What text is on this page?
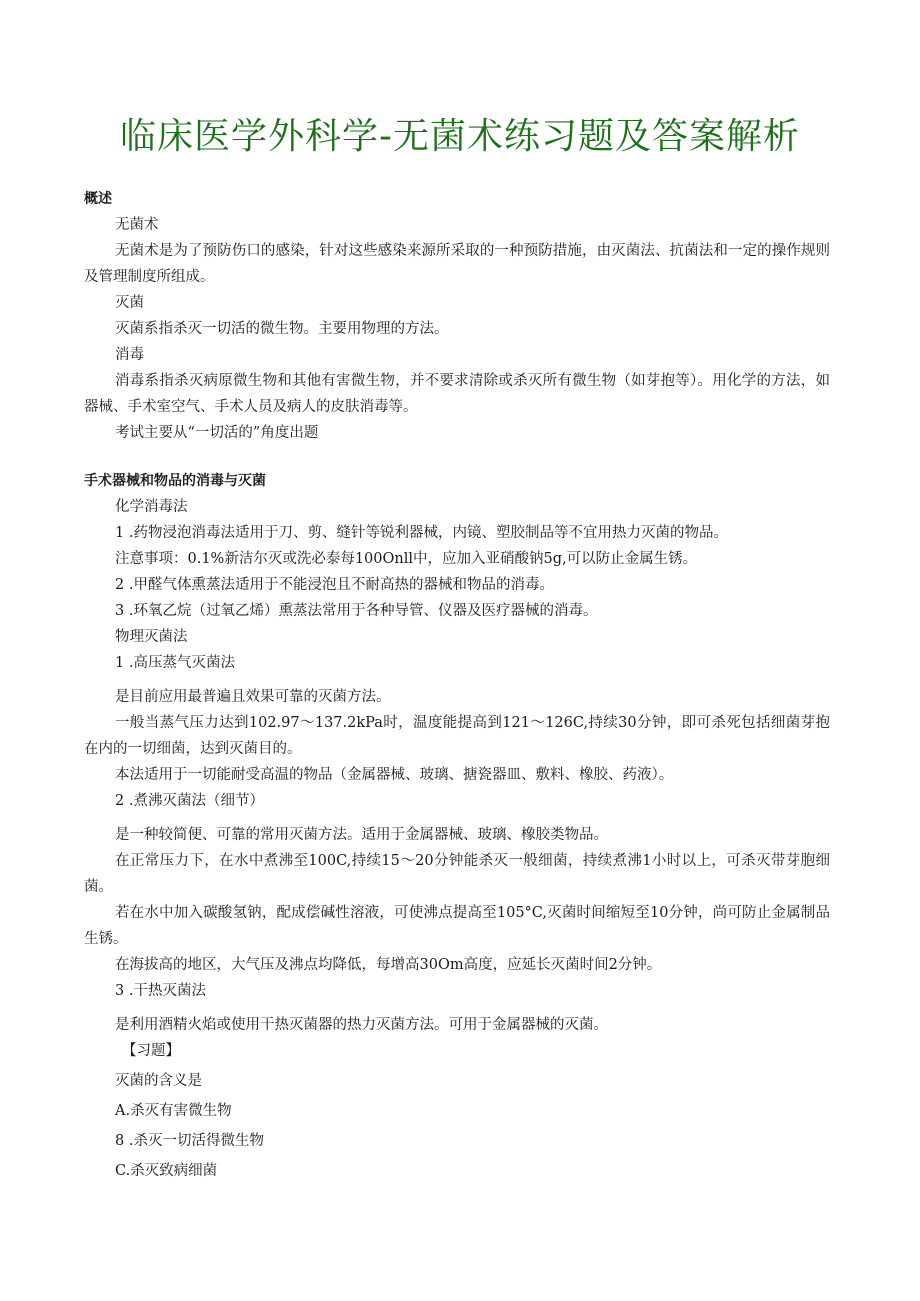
临床医学外科学-无菌术练习题及答案解析
概述
无菌术
无菌术是为了预防伤口的感染，针对这些感染来源所采取的一种预防措施，由灭菌法、抗菌法和一定的操作规则及管理制度所组成。
灭菌
灭菌系指杀灭一切活的微生物。主要用物理的方法。
消毒
消毒系指杀灭病原微生物和其他有害微生物，并不要求清除或杀灭所有微生物（如芽抱等）。用化学的方法，如器械、手术室空气、手术人员及病人的皮肤消毒等。
考试主要从“一切活的”角度出题
手术器械和物品的消毒与灭菌
化学消毒法
1 .药物浸泡消毒法适用于刀、剪、缝针等锐利器械，内镜、塑胶制品等不宜用热力灭菌的物品。
注意事项：0.1%新洁尔灭或洗必泰每100Onll中，应加入亚硝酸钠5g,可以防止金属生锈。
2 .甲醛气体熏蒸法适用于不能浸泡且不耐高热的器械和物品的消毒。
3 .环氧乙烷（过氧乙烯）熏蒸法常用于各种导管、仪器及医疗器械的消毒。
物理灭菌法
1 .高压蒸气灭菌法
是目前应用最普遍且效果可靠的灭菌方法。
一般当蒸气压力达到102.97～137.2kPa时，温度能提高到121～126C,持续30分钟，即可杀死包括细菌芽抱在内的一切细菌，达到灭菌目的。
本法适用于一切能耐受高温的物品（金属器械、玻璃、搪瓷器皿、敷料、橡胶、药液）。
2 .煮沸灭菌法（细节）
是一种较简便、可靠的常用灭菌方法。适用于金属器械、玻璃、橡胶类物品。
在正常压力下，在水中煮沸至100C,持续15～20分钟能杀灭一般细菌，持续煮沸1小时以上，可杀灭带芽胞细菌。
若在水中加入碳酸氢钠，配成偿碱性溶液，可使沸点提高至105°C,灭菌时间缩短至10分钟，尚可防止金属制品生锈。
在海拔高的地区，大气压及沸点均降低，每增高30Om高度，应延长灭菌时间2分钟。
3 .干热灭菌法
是利用酒精火焰或使用干热灭菌器的热力灭菌方法。可用于金属器械的灭菌。
【习题】
灭菌的含义是
A.杀灭有害微生物
8 .杀灭一切活得微生物
C.杀灭致病细菌
